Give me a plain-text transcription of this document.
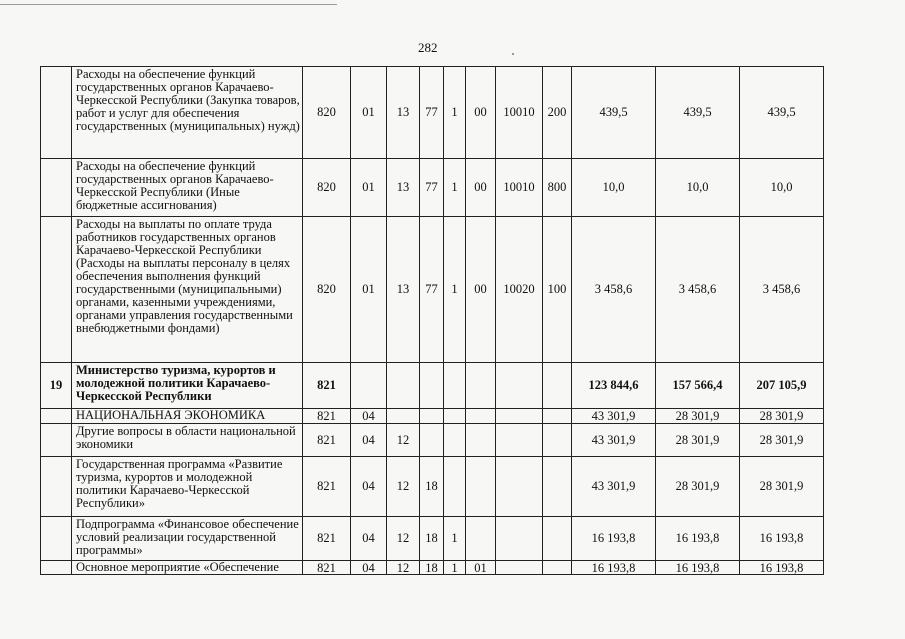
282
	Расходы на обеспечение функций государственных органов Карачаево-Черкесской Республики (Закупка товаров, работ и услуг для обеспечения государственных (муниципальных) нужд)	820	01	13	77	1	00	10010	200	439,5	439,5	439,5
	Расходы на обеспечение функций государственных органов Карачаево-Черкесской Республики (Иные бюджетные ассигнования)	820	01	13	77	1	00	10010	800	10,0	10,0	10,0
	Расходы на выплаты по оплате труда работников государственных органов Карачаево-Черкесской Республики (Расходы на выплаты персоналу в целях обеспечения выполнения функций государственными (муниципальными) органами, казенными учреждениями, органами управления государственными внебюджетными фондами)	820	01	13	77	1	00	10020	100	3 458,6	3 458,6	3 458,6
19	Министерство туризма, курортов и молодежной политики Карачаево-Черкесской Республики	821								123 844,6	157 566,4	207 105,9
	НАЦИОНАЛЬНАЯ ЭКОНОМИКА	821	04							43 301,9	28 301,9	28 301,9
	Другие вопросы в области национальной экономики	821	04	12						43 301,9	28 301,9	28 301,9
	Государственная программа «Развитие туризма, курортов и молодежной политики Карачаево-Черкесской Республики»	821	04	12	18					43 301,9	28 301,9	28 301,9
	Подпрограмма «Финансовое обеспечение условий реализации государственной программы»	821	04	12	18	1				16 193,8	16 193,8	16 193,8
	Основное мероприятие «Обеспечение	821	04	12	18	1	01			16 193,8	16 193,8	16 193,8
